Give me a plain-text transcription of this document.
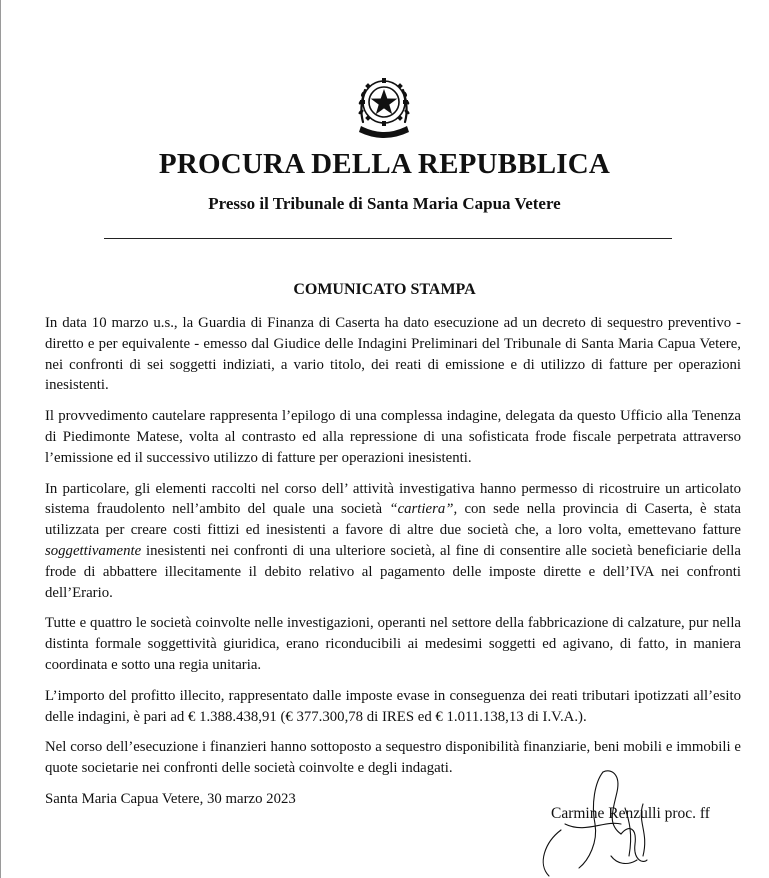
PROCURA DELLA REPUBBLICA
Presso il Tribunale di Santa Maria Capua Vetere
COMUNICATO STAMPA

In data 10 marzo u.s., la Guardia di Finanza di Caserta ha dato esecuzione ad un decreto di sequestro preventivo - diretto e per equivalente - emesso dal Giudice delle Indagini Preliminari del Tribunale di Santa Maria Capua Vetere, nei confronti di sei soggetti indiziati, a vario titolo, dei reati di emissione e di utilizzo di fatture per operazioni inesistenti.

Il provvedimento cautelare rappresenta l’epilogo di una complessa indagine, delegata da questo Ufficio alla Tenenza di Piedimonte Matese, volta al contrasto ed alla repressione di una sofisticata frode fiscale perpetrata attraverso l’emissione ed il successivo utilizzo di fatture per operazioni inesistenti.

In particolare, gli elementi raccolti nel corso dell’ attività investigativa hanno permesso di ricostruire un articolato sistema fraudolento nell’ambito del quale una società “cartiera”, con sede nella provincia di Caserta, è stata utilizzata per creare costi fittizi ed inesistenti a favore di altre due società che, a loro volta, emettevano fatture soggettivamente inesistenti nei confronti di una ulteriore società, al fine di consentire alle società beneficiarie della frode di abbattere illecitamente il debito relativo al pagamento delle imposte dirette e dell’IVA nei confronti dell’Erario.

Tutte e quattro le società coinvolte nelle investigazioni, operanti nel settore della fabbricazione di calzature, pur nella distinta formale soggettività giuridica, erano riconducibili ai medesimi soggetti ed agivano, di fatto, in maniera coordinata e sotto una regia unitaria.

L’importo del profitto illecito, rappresentato dalle imposte evase in conseguenza dei reati tributari ipotizzati all’esito delle indagini, è pari ad € 1.388.438,91 (€ 377.300,78 di IRES ed € 1.011.138,13 di I.V.A.).

Nel corso dell’esecuzione i finanzieri hanno sottoposto a sequestro disponibilità finanziarie, beni mobili e immobili e quote societarie nei confronti delle società coinvolte e degli indagati.

Santa Maria Capua Vetere, 30 marzo 2023

Carmine Renzulli proc. ff
